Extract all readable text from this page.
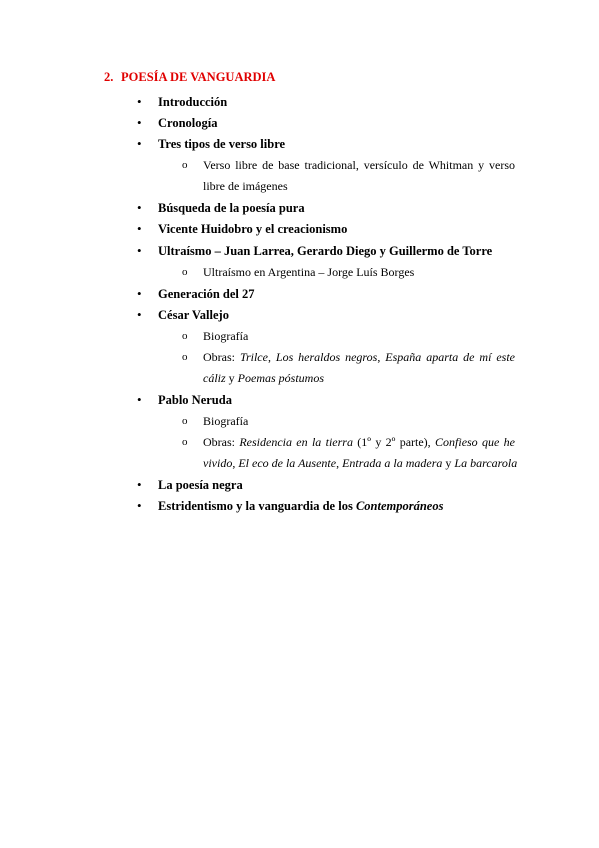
2. POESÍA DE VANGUARDIA
• Introducción
• Cronología
• Tres tipos de verso libre
o Verso libre de base tradicional, versículo de Whitman y verso
libre de imágenes
• Búsqueda de la poesía pura
• Vicente Huidobro y el creacionismo
• Ultraísmo – Juan Larrea, Gerardo Diego y Guillermo de Torre
o Ultraísmo en Argentina – Jorge Luís Borges
• Generación del 27
• César Vallejo
o Biografía
o Obras: Trilce, Los heraldos negros, España aparta de mí este
cáliz y Poemas póstumos
• Pablo Neruda
o Biografía
o Obras: Residencia en la tierra (1º y 2º parte), Confieso que he
vivido, El eco de la Ausente, Entrada a la madera y La barcarola
• La poesía negra
• Estridentismo y la vanguardia de los Contemporáneos
